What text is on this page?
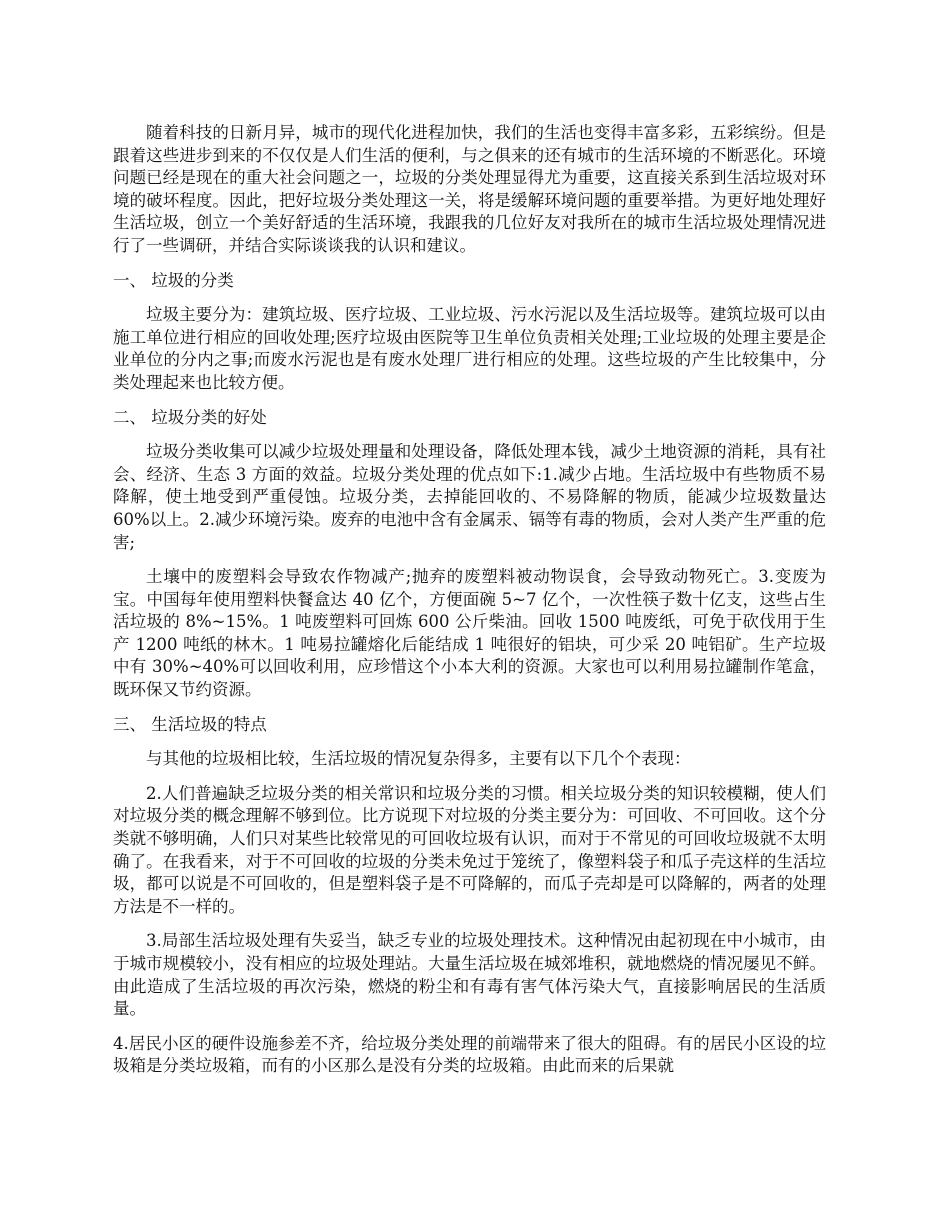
随着科技的日新月异，城市的现代化进程加快，我们的生活也变得丰富多彩，五彩缤纷。但是跟着这些进步到来的不仅仅是人们生活的便利，与之俱来的还有城市的生活环境的不断恶化。环境问题已经是现在的重大社会问题之一，垃圾的分类处理显得尤为重要，这直接关系到生活垃圾对环境的破坏程度。因此，把好垃圾分类处理这一关，将是缓解环境问题的重要举措。为更好地处理好生活垃圾，创立一个美好舒适的生活环境，我跟我的几位好友对我所在的城市生活垃圾处理情况进行了一些调研，并结合实际谈谈我的认识和建议。

一、 垃圾的分类

垃圾主要分为：建筑垃圾、医疗垃圾、工业垃圾、污水污泥以及生活垃圾等。建筑垃圾可以由施工单位进行相应的回收处理;医疗垃圾由医院等卫生单位负责相关处理;工业垃圾的处理主要是企业单位的分内之事;而废水污泥也是有废水处理厂进行相应的处理。这些垃圾的产生比较集中，分类处理起来也比较方便。

二、 垃圾分类的好处

垃圾分类收集可以减少垃圾处理量和处理设备，降低处理本钱，减少土地资源的消耗，具有社会、经济、生态 3 方面的效益。垃圾分类处理的优点如下:1.减少占地。生活垃圾中有些物质不易降解，使土地受到严重侵蚀。垃圾分类，去掉能回收的、不易降解的物质，能减少垃圾数量达 60%以上。2.减少环境污染。废弃的电池中含有金属汞、镉等有毒的物质，会对人类产生严重的危害;

土壤中的废塑料会导致农作物减产;抛弃的废塑料被动物误食，会导致动物死亡。3.变废为宝。中国每年使用塑料快餐盒达 40 亿个，方便面碗 5~7 亿个，一次性筷子数十亿支，这些占生活垃圾的 8%~15%。1 吨废塑料可回炼 600 公斤柴油。回收 1500 吨废纸，可免于砍伐用于生产 1200 吨纸的林木。1 吨易拉罐熔化后能结成 1 吨很好的铝块，可少采 20 吨铝矿。生产垃圾中有 30%~40%可以回收利用，应珍惜这个小本大利的资源。大家也可以利用易拉罐制作笔盒，既环保又节约资源。

三、 生活垃圾的特点

与其他的垃圾相比较，生活垃圾的情况复杂得多，主要有以下几个个表现：

2.人们普遍缺乏垃圾分类的相关常识和垃圾分类的习惯。相关垃圾分类的知识较模糊，使人们对垃圾分类的概念理解不够到位。比方说现下对垃圾的分类主要分为：可回收、不可回收。这个分类就不够明确，人们只对某些比较常见的可回收垃圾有认识，而对于不常见的可回收垃圾就不太明确了。在我看来，对于不可回收的垃圾的分类未免过于笼统了，像塑料袋子和瓜子壳这样的生活垃圾，都可以说是不可回收的，但是塑料袋子是不可降解的，而瓜子壳却是可以降解的，两者的处理方法是不一样的。

3.局部生活垃圾处理有失妥当，缺乏专业的垃圾处理技术。这种情况由起初现在中小城市，由于城市规模较小，没有相应的垃圾处理站。大量生活垃圾在城郊堆积，就地燃烧的情况屡见不鲜。由此造成了生活垃圾的再次污染，燃烧的粉尘和有毒有害气体污染大气，直接影响居民的生活质量。

4.居民小区的硬件设施参差不齐，给垃圾分类处理的前端带来了很大的阻碍。有的居民小区设的垃圾箱是分类垃圾箱，而有的小区那么是没有分类的垃圾箱。由此而来的后果就
